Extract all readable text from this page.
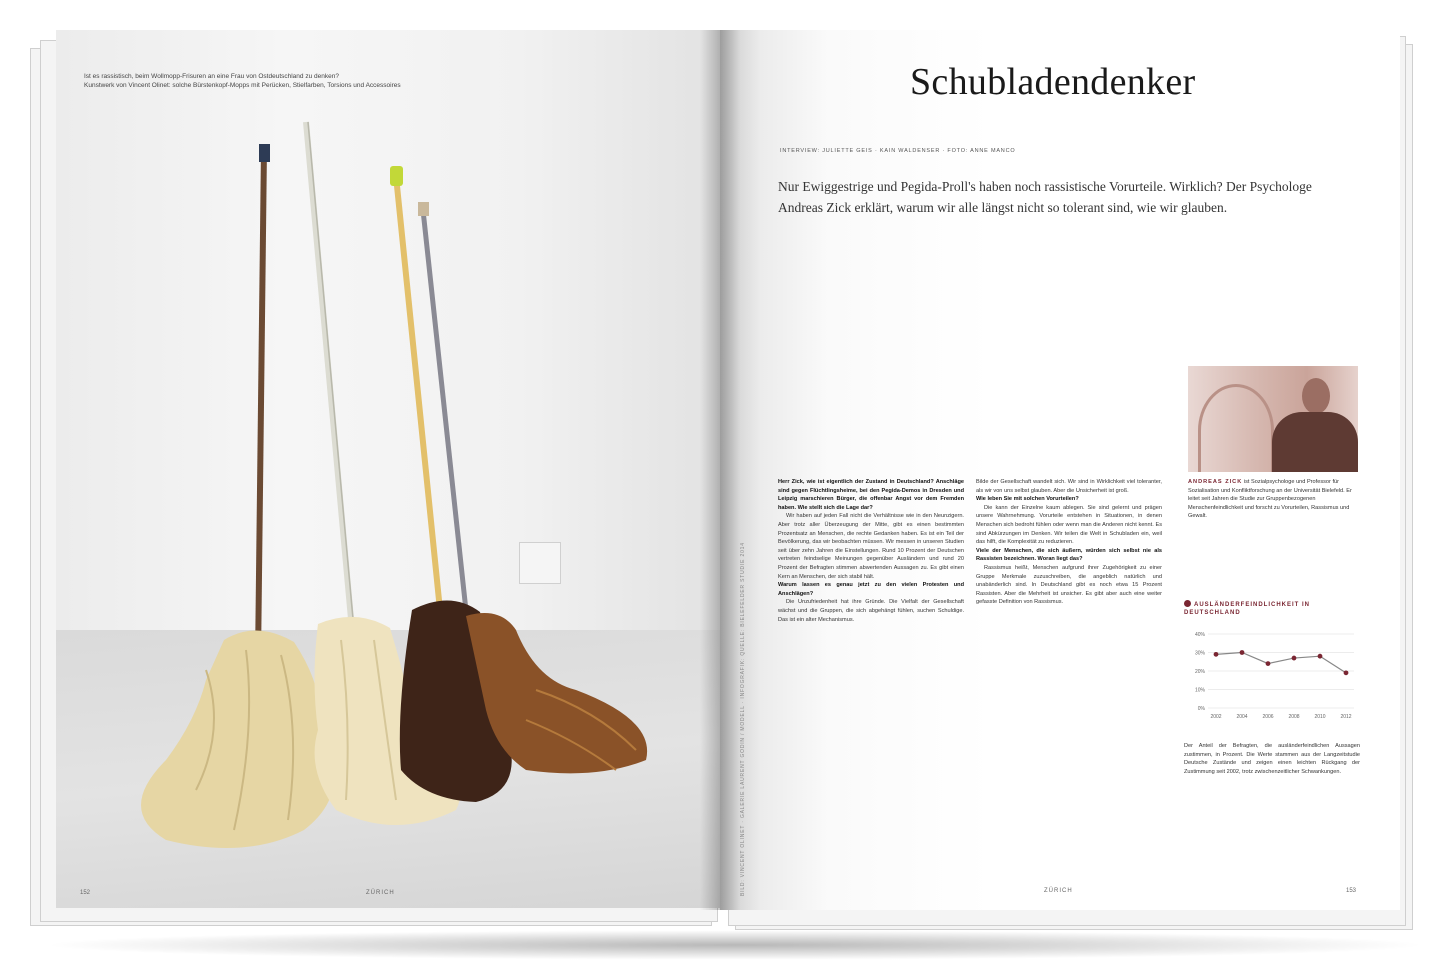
Ist es rassistisch, beim Wollmopp-Frisuren an eine Frau von Ostdeutschland zu denken?
Kunstwerk von Vincent Olinet: solche Bürstenkopf-Mopps mit Perücken, Stielfarben, Torsions und Accessoires
152	ZÜRICH
Schubladendenker
INTERVIEW: JULIETTE GEIS · KAIN WALDENSER · FOTO: ANNE MANCO
Nur Ewiggestrige und Pegida-Proll's haben noch rassistische Vorurteile. Wirklich? Der Psychologe Andreas Zick erklärt, warum wir alle längst nicht so tolerant sind, wie wir glauben.
BILD: VINCENT OLINET · GALERIE LAURENT GODIN / MODELL · INFOGRAFIK: QUELLE: BIELEFELDER STUDIE 2014

Herr Zick, wie ist eigentlich der Zustand in Deutschland? Anschläge sind gegen Flüchtlingsheime, bei den Pegida-Demos in Dresden und Leipzig marschieren Bürger, die offenbar Angst vor dem Fremden haben. Wie stellt sich die Lage dar?

Wir haben auf jeden Fall nicht die Verhältnisse wie in den Neunzigern. Aber trotz aller Überzeugung der Mitte, gibt es einen bestimmten Prozentsatz an Menschen, die rechte Gedanken haben. Es ist ein Teil der Bevölkerung, das wir beobachten müssen. Wir messen in unseren Studien seit über zehn Jahren die Einstellungen. Rund 10 Prozent der Deutschen vertreten feindselige Meinungen gegenüber Ausländern und rund 20 Prozent der Befragten stimmen abwertenden Aussagen zu. Es gibt einen Kern an Menschen, der sich stabil hält.

Warum lassen es genau jetzt zu den vielen Protesten und Anschlägen?

Die Unzufriedenheit hat ihre Gründe. Die Vielfalt der Gesellschaft wächst und die Gruppen, die sich abgehängt fühlen, suchen Schuldige. Das ist ein alter Mechanismus.

Bilde der Gesellschaft wandelt sich. Wir sind in Wirklichkeit viel toleranter, als wir von uns selbst glauben. Aber die Unsicherheit ist groß.

Wie leben Sie mit solchen Vorurteilen?

Die kann der Einzelne kaum ablegen. Sie sind gelernt und prägen unsere Wahrnehmung. Vorurteile entstehen in Situationen, in denen Menschen sich bedroht fühlen oder wenn man die Anderen nicht kennt. Es sind Abkürzungen im Denken. Wir teilen die Welt in Schubladen ein, weil das hilft, die Komplexität zu reduzieren.

Viele der Menschen, die sich äußern, würden sich selbst nie als Rassisten bezeichnen. Woran liegt das?

Rassismus heißt, Menschen aufgrund ihrer Zugehörigkeit zu einer Gruppe Merkmale zuzuschreiben, die angeblich natürlich und unabänderlich sind. In Deutschland gibt es noch etwa 15 Prozent Rassisten. Aber die Mehrheit ist unsicher. Es gibt aber auch eine weiter gefasste Definition von Rassismus.

ANDREAS ZICK ist Sozialpsychologe und Professor für Sozialisation und Konfliktforschung an der Universität Bielefeld. Er leitet seit Jahren die Studie zur Gruppenbezogenen Menschenfeindlichkeit und forscht zu Vorurteilen, Rassismus und Gewalt.
AUSLÄNDERFEINDLICHKEIT IN DEUTSCHLAND
40%
30%
20%
10%
0%
2002	2004	2006	2008	2010	2012
Der Anteil der Befragten, die ausländerfeindlichen Aussagen zustimmen, in Prozent. Die Werte stammen aus der Langzeitstudie Deutsche Zustände und zeigen einen leichten Rückgang der Zustimmung seit 2002, trotz zwischenzeitlicher Schwankungen.
ZÜRICH	153
